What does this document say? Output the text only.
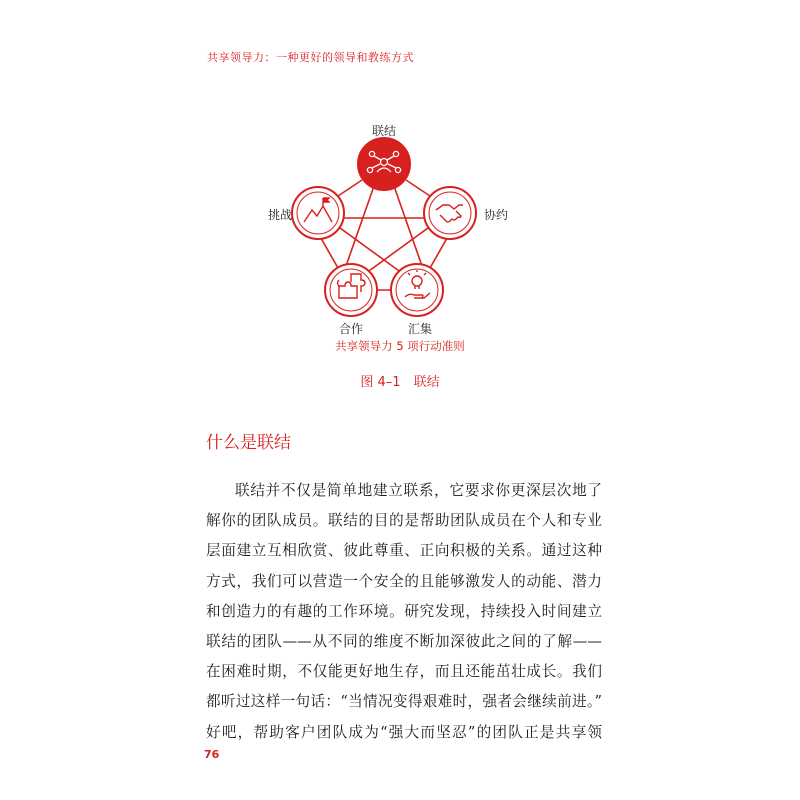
共享领导力：一种更好的领导和教练方式
联结
协约
汇集
合作
挑战
共享领导力 5 项行动准则
图 4–1　联结
什么是联结
联结并不仅是简单地建立联系，它要求你更深层次地了
解你的团队成员。联结的目的是帮助团队成员在个人和专业
层面建立互相欣赏、彼此尊重、正向积极的关系。通过这种
方式，我们可以营造一个安全的且能够激发人的动能、潜力
和创造力的有趣的工作环境。研究发现，持续投入时间建立
联结的团队——从不同的维度不断加深彼此之间的了解——
在困难时期，不仅能更好地生存，而且还能茁壮成长。我们
都听过这样一句话：“当情况变得艰难时，强者会继续前进。”
好吧，帮助客户团队成为“强大而坚忍”的团队正是共享领
76
